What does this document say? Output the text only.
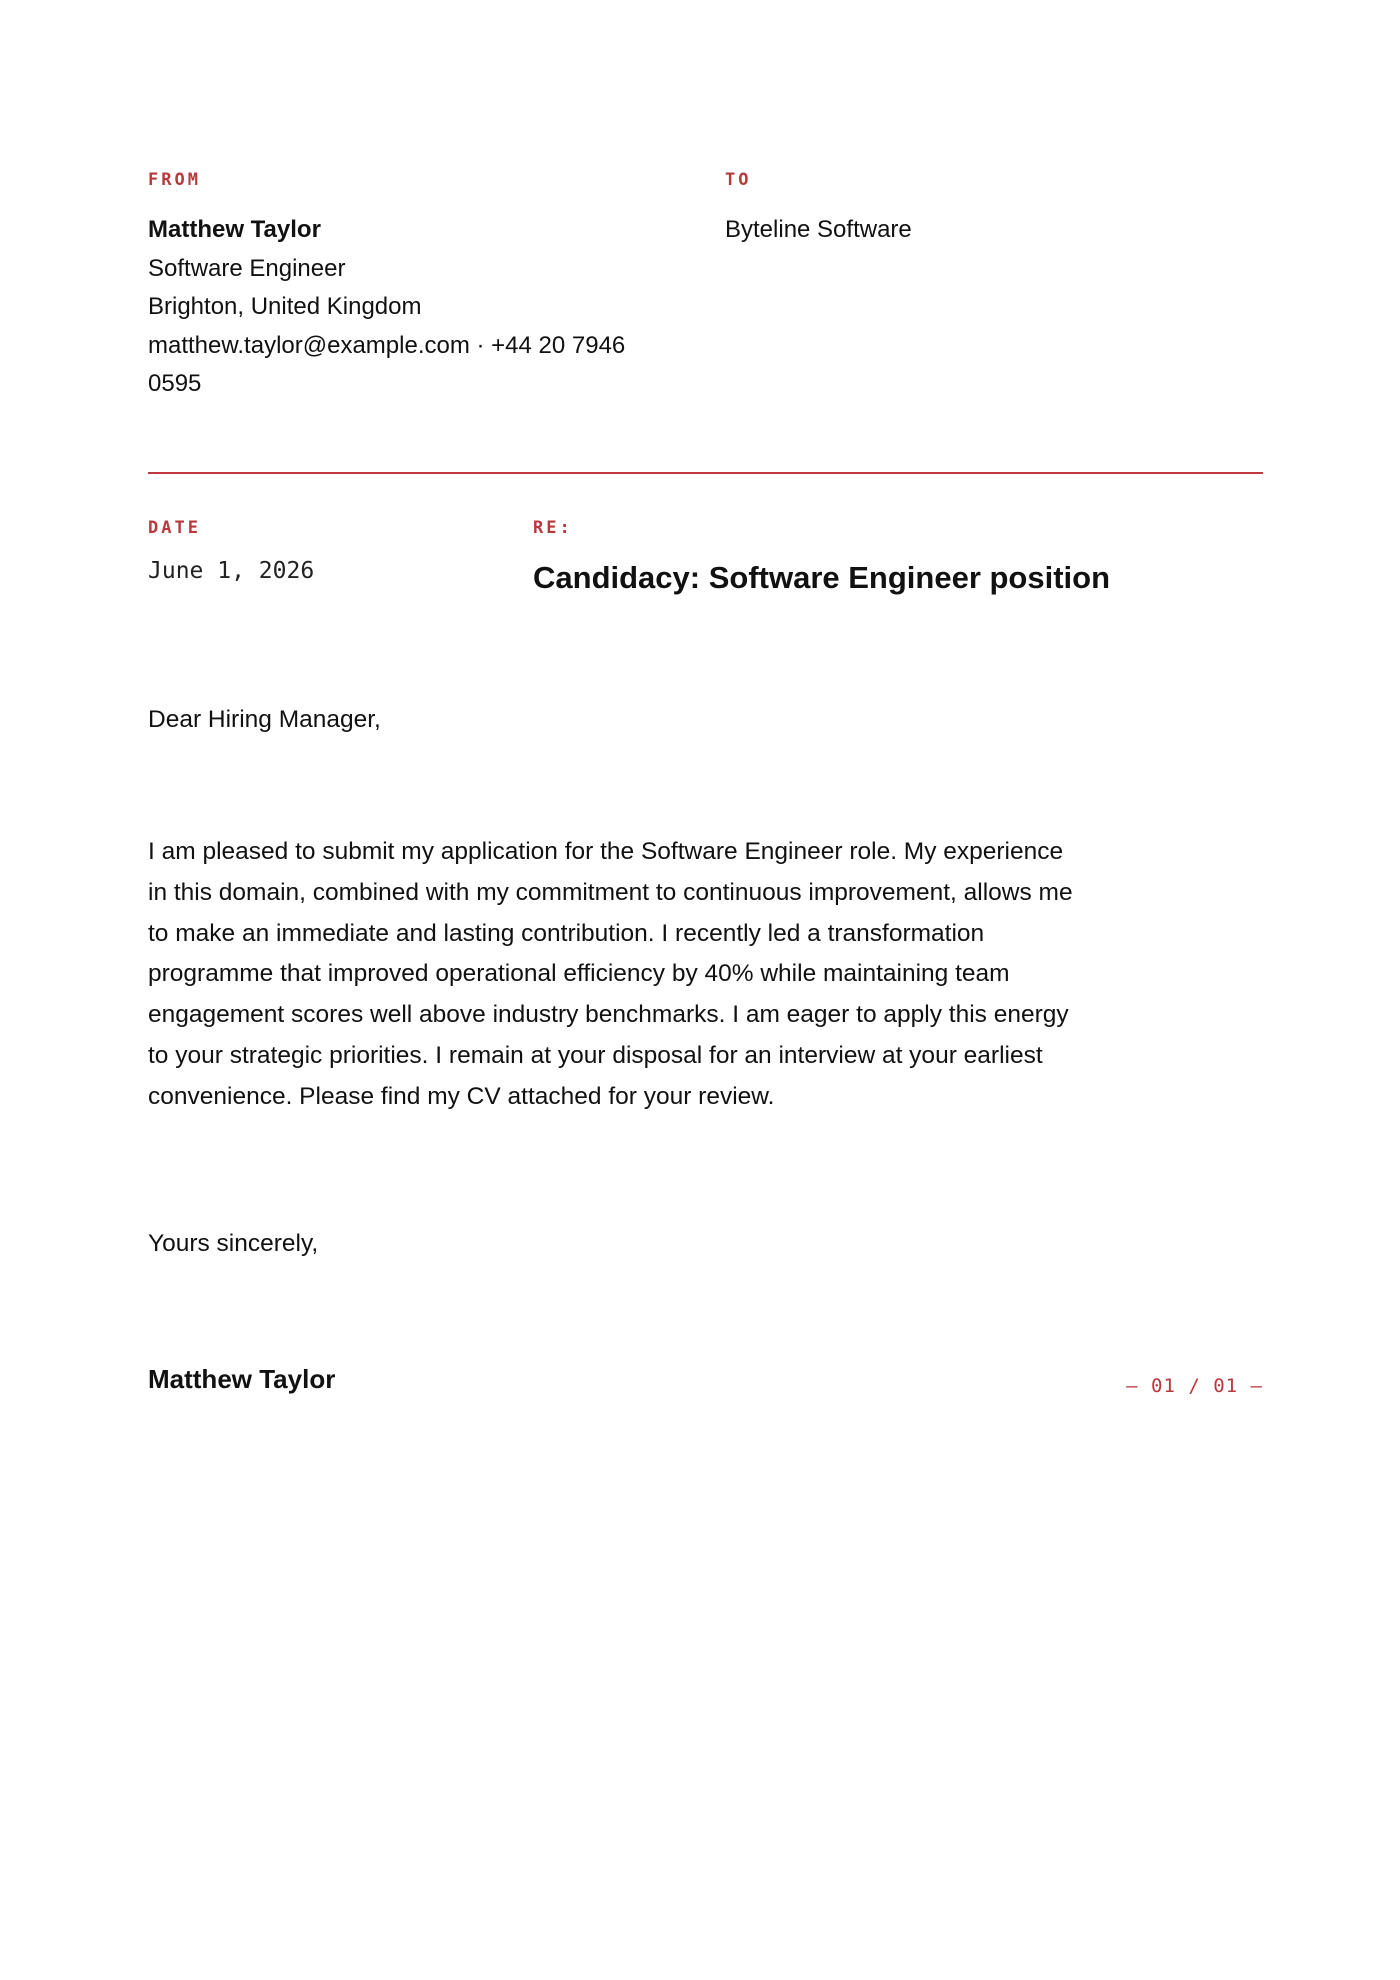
FROM	TO
Matthew Taylor
Software Engineer
Brighton, United Kingdom
matthew.taylor@example.com · +44 20 7946 0595
Byteline Software
DATE	RE:
June 1, 2026	Candidacy: Software Engineer position
Dear Hiring Manager,

I am pleased to submit my application for the Software Engineer role. My experience in this domain, combined with my commitment to continuous improvement, allows me to make an immediate and lasting contribution. I recently led a transformation programme that improved operational efficiency by 40% while maintaining team engagement scores well above industry benchmarks. I am eager to apply this energy to your strategic priorities. I remain at your disposal for an interview at your earliest convenience. Please find my CV attached for your review.

Yours sincerely,
Matthew Taylor	— 01 / 01 —
